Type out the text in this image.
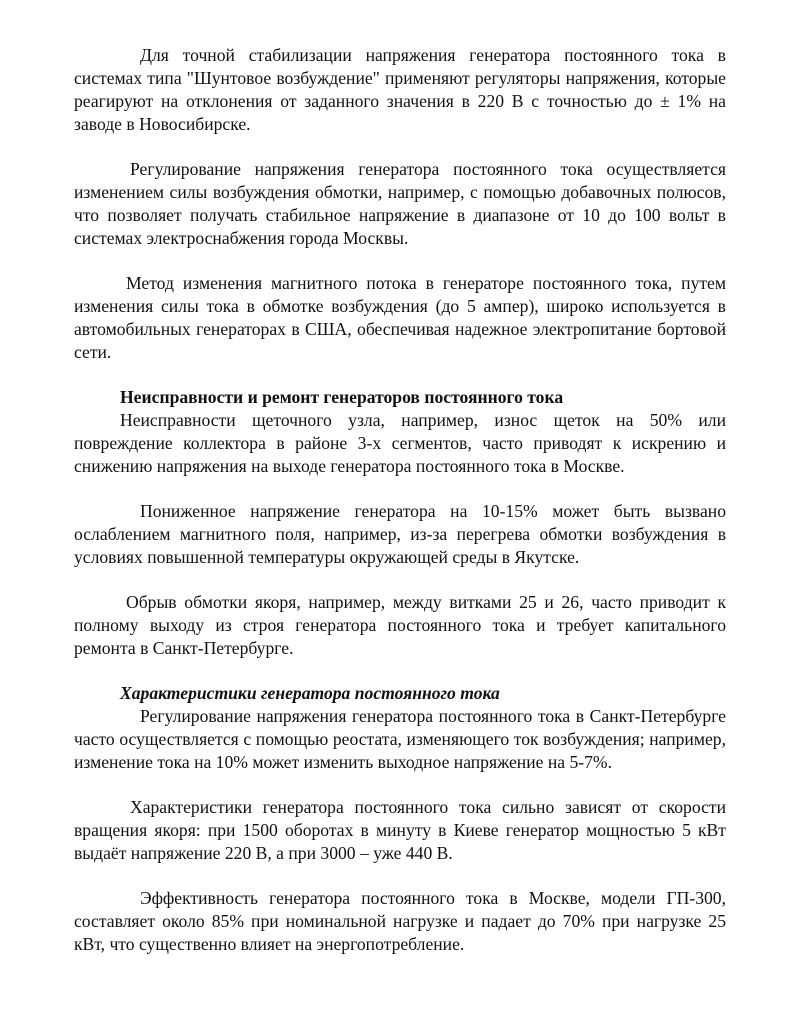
Для точной стабилизации напряжения генератора постоянного тока в системах типа "Шунтовое возбуждение" применяют регуляторы напряжения, которые реагируют на отклонения от заданного значения в 220 В с точностью до ± 1% на заводе в Новосибирске.

Регулирование напряжения генератора постоянного тока осуществляется изменением силы возбуждения обмотки, например, с помощью добавочных полюсов, что позволяет получать стабильное напряжение в диапазоне от 10 до 100 вольт в системах электроснабжения города Москвы.

Метод изменения магнитного потока в генераторе постоянного тока, путем изменения силы тока в обмотке возбуждения (до 5 ампер), широко используется в автомобильных генераторах в США, обеспечивая надежное электропитание бортовой сети.

Неисправности и ремонт генераторов постоянного тока

Неисправности щеточного узла, например, износ щеток на 50% или повреждение коллектора в районе 3-х сегментов, часто приводят к искрению и снижению напряжения на выходе генератора постоянного тока в Москве.

Пониженное напряжение генератора на 10-15% может быть вызвано ослаблением магнитного поля, например, из-за перегрева обмотки возбуждения в условиях повышенной температуры окружающей среды в Якутске.

Обрыв обмотки якоря, например, между витками 25 и 26, часто приводит к полному выходу из строя генератора постоянного тока и требует капитального ремонта в Санкт-Петербурге.

Характеристики генератора постоянного тока

Регулирование напряжения генератора постоянного тока в Санкт-Петербурге часто осуществляется с помощью реостата, изменяющего ток возбуждения; например, изменение тока на 10% может изменить выходное напряжение на 5-7%.

Характеристики генератора постоянного тока сильно зависят от скорости вращения якоря: при 1500 оборотах в минуту в Киеве генератор мощностью 5 кВт выдаёт напряжение 220 В, а при 3000 – уже 440 В.

Эффективность генератора постоянного тока в Москве, модели ГП-300, составляет около 85% при номинальной нагрузке и падает до 70% при нагрузке 25 кВт, что существенно влияет на энергопотребление.
